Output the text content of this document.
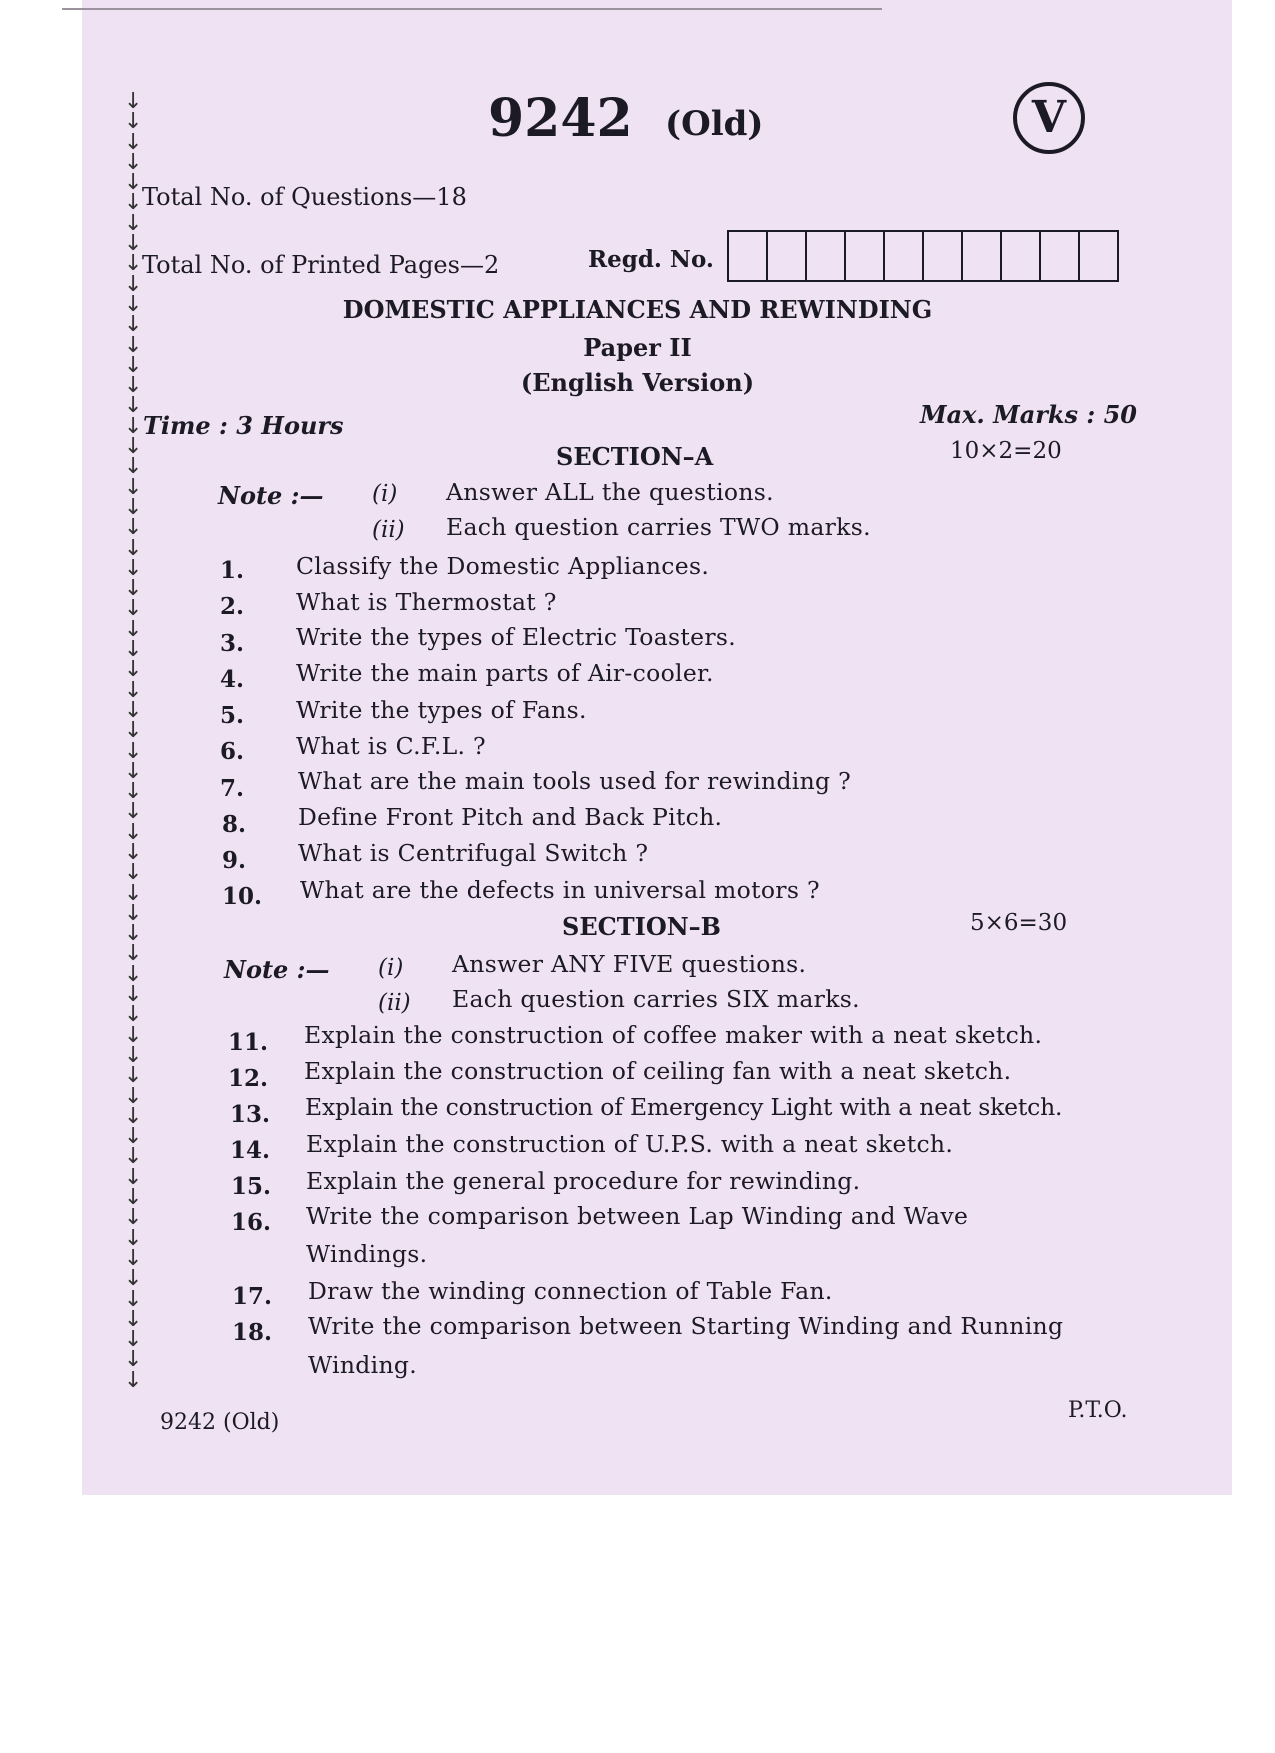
↓
↓
↓
↓
↓
↓
↓
↓
↓
↓
↓
↓
↓
↓
↓
↓
↓
↓
↓
↓
↓
↓
↓
↓
↓
↓
↓
↓
↓
↓
↓
↓
↓
↓
↓
↓
↓
↓
↓
↓
↓
↓
↓
↓
↓
↓
↓
↓
↓
↓
↓
↓
↓
↓
↓
↓
↓
↓
↓
↓
↓
↓
↓
↓
9242 (Old)	V
Total No. of Questions—18
Total No. of Printed Pages—2	Regd. No.
DOMESTIC APPLIANCES AND REWINDING
Paper II
(English Version)
Time : 3 Hours	Max. Marks : 50
SECTION–A	10×2=20
Note :— (i) Answer ALL the questions.
(ii) Each question carries TWO marks.
1. Classify the Domestic Appliances.
2. What is Thermostat ?
3. Write the types of Electric Toasters.
4. Write the main parts of Air-cooler.
5. Write the types of Fans.
6. What is C.F.L. ?
7. What are the main tools used for rewinding ?
8. Define Front Pitch and Back Pitch.
9. What is Centrifugal Switch ?
10. What are the defects in universal motors ?
SECTION–B	5×6=30
Note :— (i) Answer ANY FIVE questions.
(ii) Each question carries SIX marks.
11. Explain the construction of coffee maker with a neat sketch.
12. Explain the construction of ceiling fan with a neat sketch.
13. Explain the construction of Emergency Light with a neat sketch.
14. Explain the construction of U.P.S. with a neat sketch.
15. Explain the general procedure for rewinding.
16. Write the comparison between Lap Winding and Wave
Windings.
17. Draw the winding connection of Table Fan.
18. Write the comparison between Starting Winding and Running
Winding.
9242 (Old)	P.T.O.
